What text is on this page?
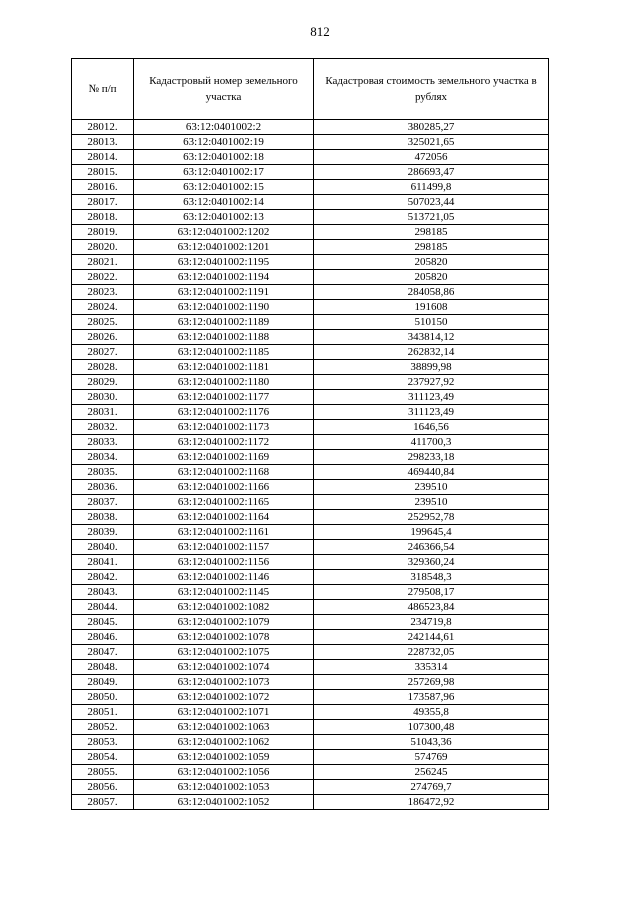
812
№ п/п	Кадастровый номер земельного участка	Кадастровая стоимость земельного участка в рублях
28012.	63:12:0401002:2	380285,27
28013.	63:12:0401002:19	325021,65
28014.	63:12:0401002:18	472056
28015.	63:12:0401002:17	286693,47
28016.	63:12:0401002:15	611499,8
28017.	63:12:0401002:14	507023,44
28018.	63:12:0401002:13	513721,05
28019.	63:12:0401002:1202	298185
28020.	63:12:0401002:1201	298185
28021.	63:12:0401002:1195	205820
28022.	63:12:0401002:1194	205820
28023.	63:12:0401002:1191	284058,86
28024.	63:12:0401002:1190	191608
28025.	63:12:0401002:1189	510150
28026.	63:12:0401002:1188	343814,12
28027.	63:12:0401002:1185	262832,14
28028.	63:12:0401002:1181	38899,98
28029.	63:12:0401002:1180	237927,92
28030.	63:12:0401002:1177	311123,49
28031.	63:12:0401002:1176	311123,49
28032.	63:12:0401002:1173	1646,56
28033.	63:12:0401002:1172	411700,3
28034.	63:12:0401002:1169	298233,18
28035.	63:12:0401002:1168	469440,84
28036.	63:12:0401002:1166	239510
28037.	63:12:0401002:1165	239510
28038.	63:12:0401002:1164	252952,78
28039.	63:12:0401002:1161	199645,4
28040.	63:12:0401002:1157	246366,54
28041.	63:12:0401002:1156	329360,24
28042.	63:12:0401002:1146	318548,3
28043.	63:12:0401002:1145	279508,17
28044.	63:12:0401002:1082	486523,84
28045.	63:12:0401002:1079	234719,8
28046.	63:12:0401002:1078	242144,61
28047.	63:12:0401002:1075	228732,05
28048.	63:12:0401002:1074	335314
28049.	63:12:0401002:1073	257269,98
28050.	63:12:0401002:1072	173587,96
28051.	63:12:0401002:1071	49355,8
28052.	63:12:0401002:1063	107300,48
28053.	63:12:0401002:1062	51043,36
28054.	63:12:0401002:1059	574769
28055.	63:12:0401002:1056	256245
28056.	63:12:0401002:1053	274769,7
28057.	63:12:0401002:1052	186472,92
